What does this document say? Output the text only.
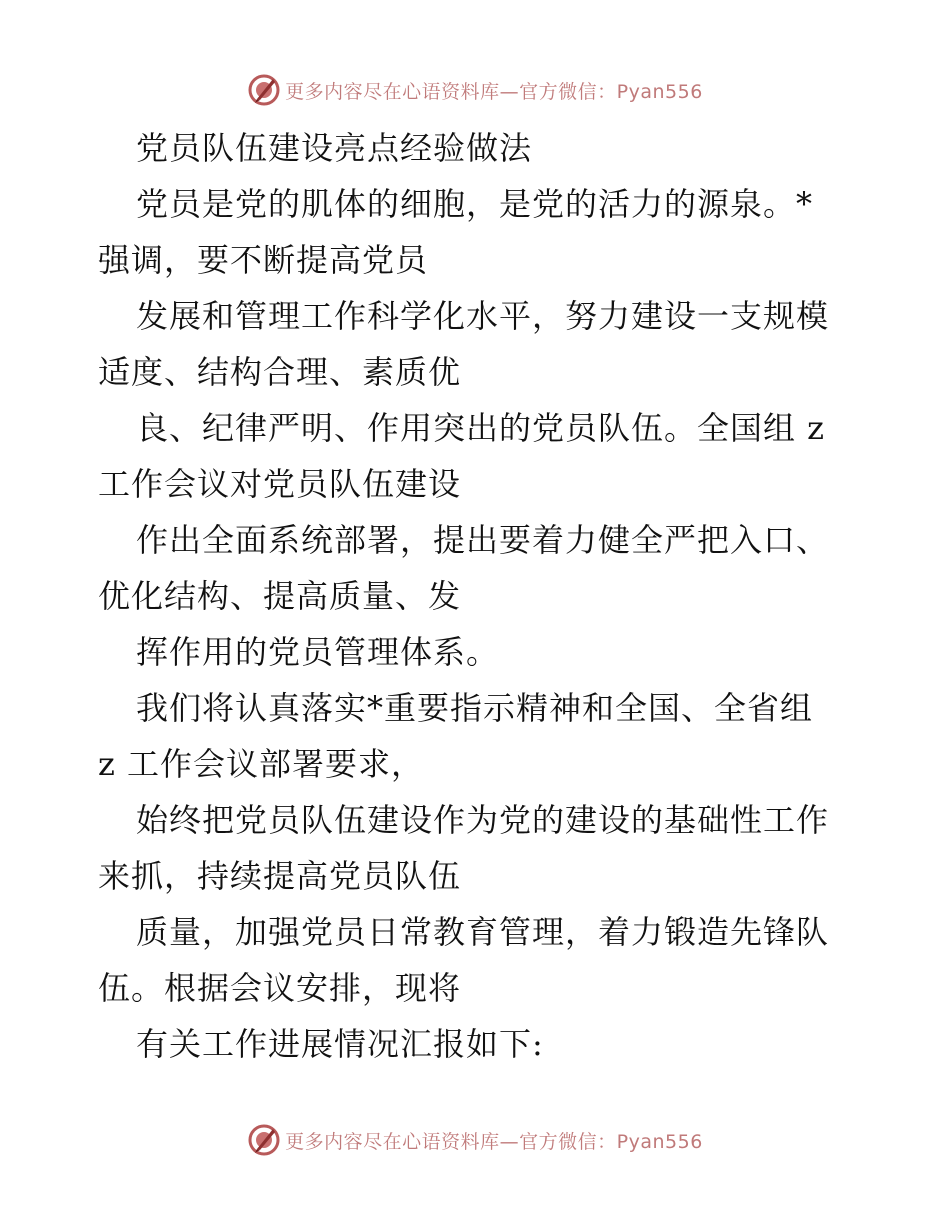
更多内容尽在心语资料库—官方微信：Pyan556
党员队伍建设亮点经验做法
党员是党的肌体的细胞，是党的活力的源泉。*
强调，要不断提高党员
发展和管理工作科学化水平，努力建设一支规模
适度、结构合理、素质优
良、纪律严明、作用突出的党员队伍。全国组 z
工作会议对党员队伍建设
作出全面系统部署，提出要着力健全严把入口、
优化结构、提高质量、发
挥作用的党员管理体系。
我们将认真落实*重要指示精神和全国、全省组
z 工作会议部署要求，
始终把党员队伍建设作为党的建设的基础性工作
来抓，持续提高党员队伍
质量，加强党员日常教育管理，着力锻造先锋队
伍。根据会议安排，现将
有关工作进展情况汇报如下:
更多内容尽在心语资料库—官方微信：Pyan556
